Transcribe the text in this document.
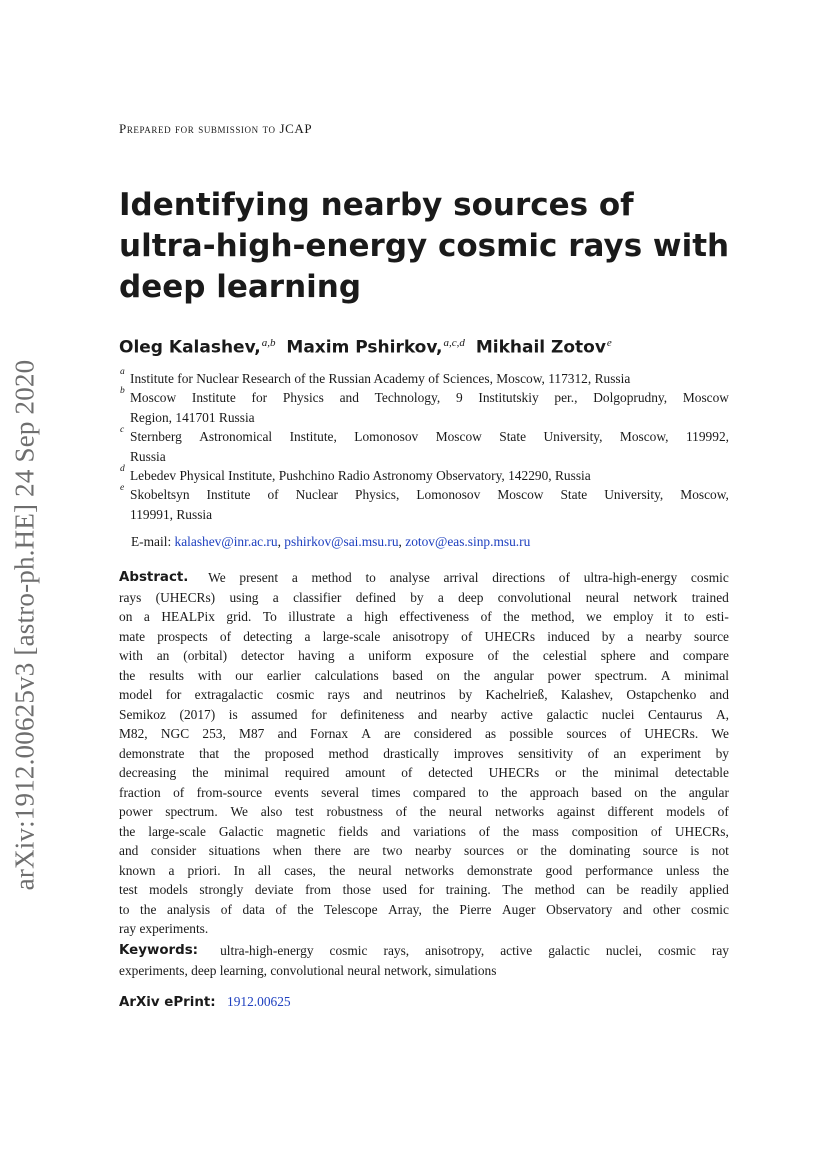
arXiv:1912.00625v3 [astro-ph.HE] 24 Sep 2020
Prepared for submission to JCAP
Identifying nearby sources of
ultra-high-energy cosmic rays with
deep learning
Oleg Kalashev,$^{a,b}$ Maxim Pshirkov,$^{a,c,d}$ Mikhail Zotov$^e$
a Institute for Nuclear Research of the Russian Academy of Sciences, Moscow, 117312, Russia
b Moscow Institute for Physics and Technology, 9 Institutskiy per., Dolgoprudny, Moscow
Region, 141701 Russia
c Sternberg Astronomical Institute, Lomonosov Moscow State University, Moscow, 119992,
Russia
d Lebedev Physical Institute, Pushchino Radio Astronomy Observatory, 142290, Russia
e Skobeltsyn Institute of Nuclear Physics, Lomonosov Moscow State University, Moscow,
119991, Russia
E-mail: kalashev@inr.ac.ru, pshirkov@sai.msu.ru, zotov@eas.sinp.msu.ru
Abstract. We present a method to analyse arrival directions of ultra-high-energy cosmic
rays (UHECRs) using a classifier defined by a deep convolutional neural network trained
on a HEALPix grid. To illustrate a high effectiveness of the method, we employ it to esti-
mate prospects of detecting a large-scale anisotropy of UHECRs induced by a nearby source
with an (orbital) detector having a uniform exposure of the celestial sphere and compare
the results with our earlier calculations based on the angular power spectrum. A minimal
model for extragalactic cosmic rays and neutrinos by Kachelrieß, Kalashev, Ostapchenko and
Semikoz (2017) is assumed for definiteness and nearby active galactic nuclei Centaurus A,
M82, NGC 253, M87 and Fornax A are considered as possible sources of UHECRs. We
demonstrate that the proposed method drastically improves sensitivity of an experiment by
decreasing the minimal required amount of detected UHECRs or the minimal detectable
fraction of from-source events several times compared to the approach based on the angular
power spectrum. We also test robustness of the neural networks against different models of
the large-scale Galactic magnetic fields and variations of the mass composition of UHECRs,
and consider situations when there are two nearby sources or the dominating source is not
known a priori. In all cases, the neural networks demonstrate good performance unless the
test models strongly deviate from those used for training. The method can be readily applied
to the analysis of data of the Telescope Array, the Pierre Auger Observatory and other cosmic
ray experiments.
Keywords: ultra-high-energy cosmic rays, anisotropy, active galactic nuclei, cosmic ray
experiments, deep learning, convolutional neural network, simulations
ArXiv ePrint: 1912.00625
